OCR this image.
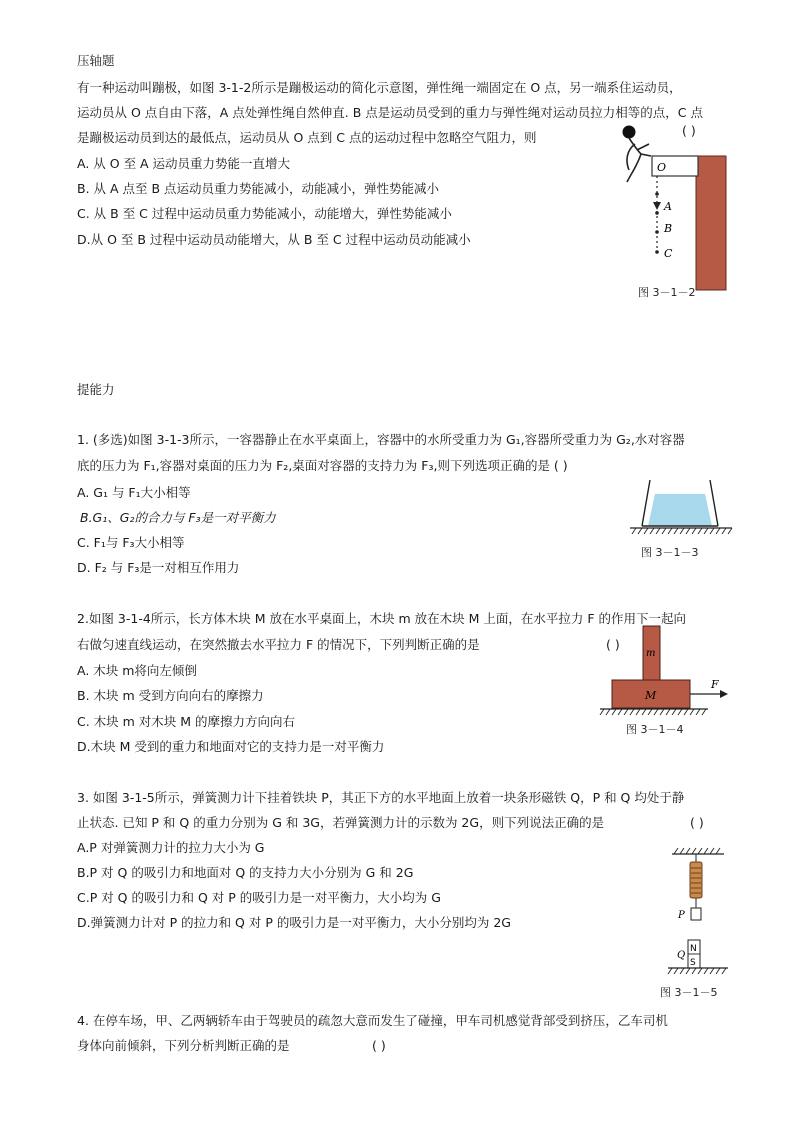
压轴题
有一种运动叫蹦极，如图 3-1-2所示是蹦极运动的简化示意图，弹性绳一端固定在 O 点，另一端系住运动员，
运动员从 O 点自由下落，A 点处弹性绳自然伸直. B 点是运动员受到的重力与弹性绳对运动员拉力相等的点，C 点
是蹦极运动员到达的最低点，运动员从 O 点到 C 点的运动过程中忽略空气阻力，则	( )
A. 从 O 至 A 运动员重力势能一直增大
B. 从 A 点至 B 点运动员重力势能减小，动能减小，弹性势能减小
C. 从 B 至 C 过程中运动员重力势能减小，动能增大，弹性势能减小
D.从 O 至 B 过程中运动员动能增大，从 B 至 C 过程中运动员动能减小
O
A
B
C
图 3－1－2
提能力
1. (多选)如图 3-1-3所示，一容器静止在水平桌面上，容器中的水所受重力为 G₁,容器所受重力为 G₂,水对容器
底的压力为 F₁,容器对桌面的压力为 F₂,桌面对容器的支持力为 F₃,则下列选项正确的是 ( )
A. G₁ 与 F₁大小相等
B.G₁、G₂的合力与 F₃是一对平衡力
C. F₁与 F₃大小相等
D. F₂ 与 F₃是一对相互作用力
图 3－1－3
2.如图 3-1-4所示，长方体木块 M 放在水平桌面上，木块 m 放在木块 M 上面，在水平拉力 F 的作用下一起向
右做匀速直线运动，在突然撤去水平拉力 F 的情况下，下列判断正确的是	( )
A. 木块 m将向左倾倒
B. 木块 m 受到方向向右的摩擦力
C. 木块 m 对木块 M 的摩擦力方向向右
D.木块 M 受到的重力和地面对它的支持力是一对平衡力
m
M
F
图 3－1－4
3. 如图 3-1-5所示，弹簧测力计下挂着铁块 P，其正下方的水平地面上放着一块条形磁铁 Q，P 和 Q 均处于静
止状态. 已知 P 和 Q 的重力分别为 G 和 3G，若弹簧测力计的示数为 2G，则下列说法正确的是	( )
A.P 对弹簧测力计的拉力大小为 G
B.P 对 Q 的吸引力和地面对 Q 的支持力大小分别为 G 和 2G
C.P 对 Q 的吸引力和 Q 对 P 的吸引力是一对平衡力，大小均为 G
D.弹簧测力计对 P 的拉力和 Q 对 P 的吸引力是一对平衡力，大小分别均为 2G	P
N
S
Q
图 3－1－5
4. 在停车场，甲、乙两辆轿车由于驾驶员的疏忽大意而发生了碰撞，甲车司机感觉背部受到挤压，乙车司机
身体向前倾斜，下列分析判断正确的是	( )
